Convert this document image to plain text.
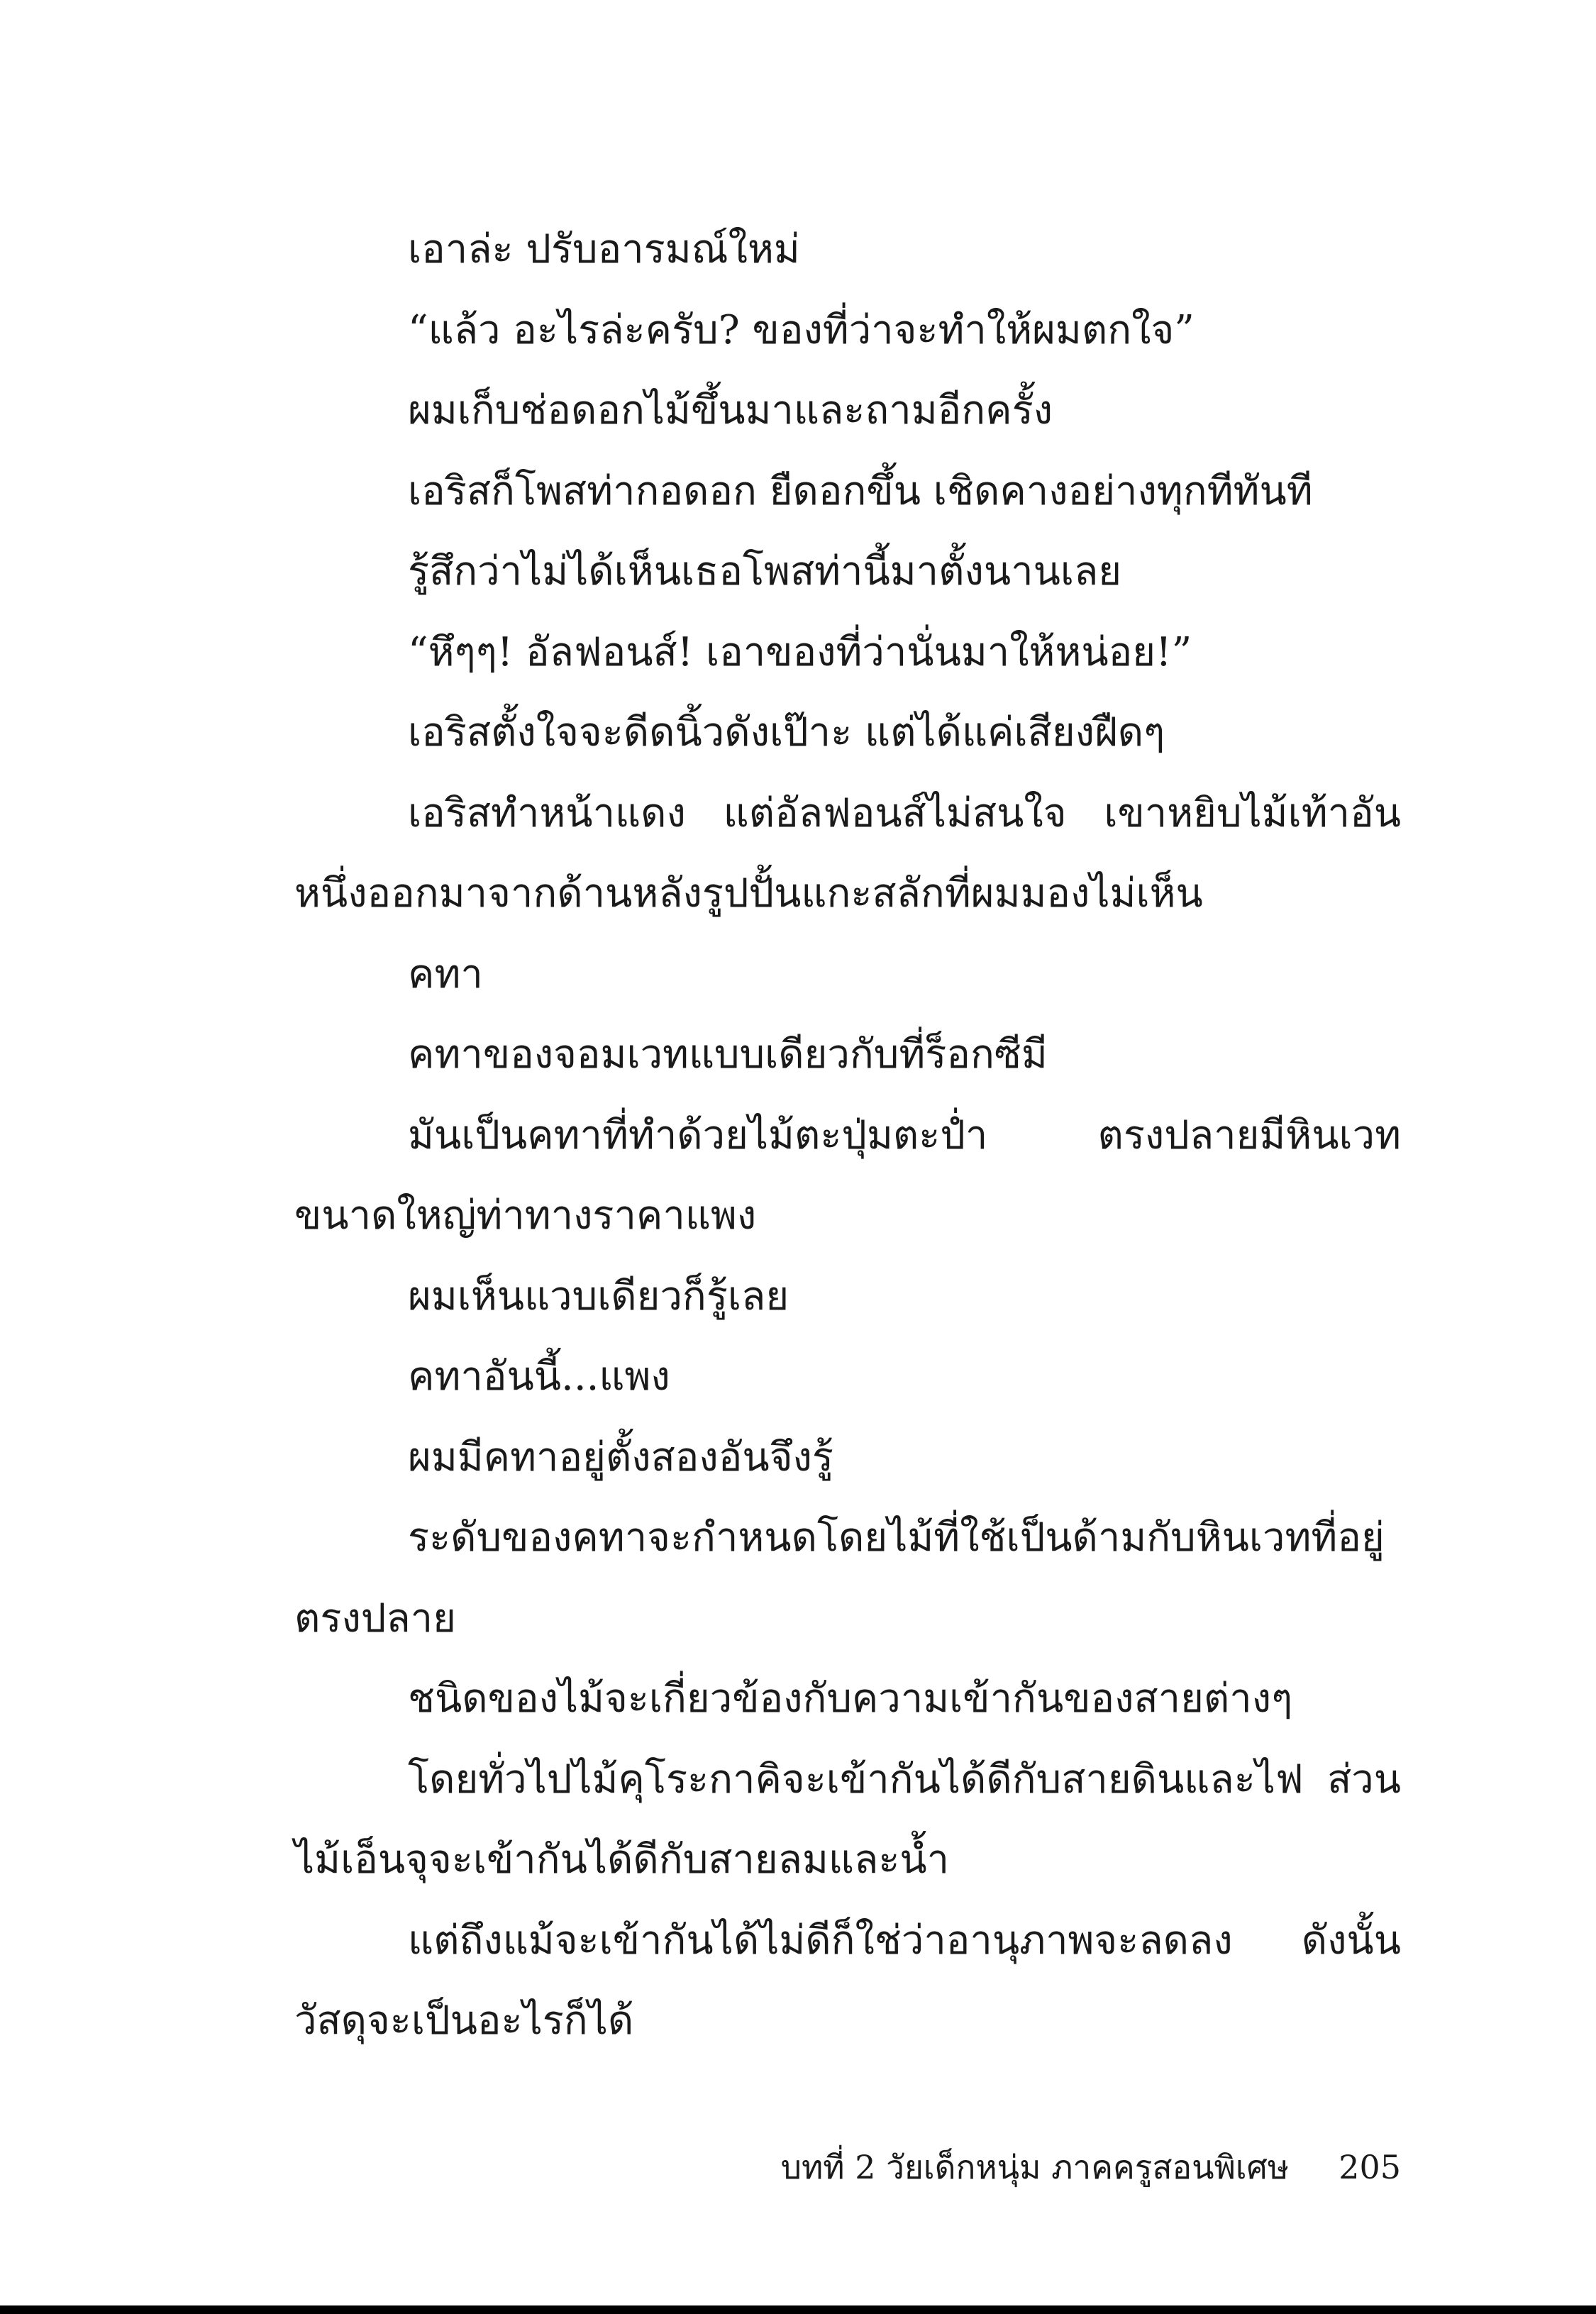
เอาล่ะ ปรับอารมณ์ใหม่

“แล้ว อะไรล่ะครับ? ของที่ว่าจะทำให้ผมตกใจ”

ผมเก็บช่อดอกไม้ขึ้นมาและถามอีกครั้ง

เอริสก็โพสท่ากอดอก ยืดอกขึ้น เชิดคางอย่างทุกทีทันที

รู้สึกว่าไม่ได้เห็นเธอโพสท่านี้มาตั้งนานเลย

“หึๆๆ! อัลฟอนส์! เอาของที่ว่านั่นมาให้หน่อย!”

เอริสตั้งใจจะดีดนิ้วดังเป๊าะ แต่ได้แค่เสียงฝืดๆ

เอริสทำหน้าแดง แต่อัลฟอนส์ไม่สนใจ เขาหยิบไม้เท้าอันหนึ่งออกมาจากด้านหลังรูปปั้นแกะสลักที่ผมมองไม่เห็น

คทา

คทาของจอมเวทแบบเดียวกับที่ร็อกซีมี

มันเป็นคทาที่ทำด้วยไม้ตะปุ่มตะป่ำ ตรงปลายมีหินเวทขนาดใหญ่ท่าทางราคาแพง

ผมเห็นแวบเดียวก็รู้เลย

คทาอันนี้...แพง

ผมมีคทาอยู่ตั้งสองอันจึงรู้

ระดับของคทาจะกำหนดโดยไม้ที่ใช้เป็นด้ามกับหินเวทที่อยู่ตรงปลาย

ชนิดของไม้จะเกี่ยวข้องกับความเข้ากันของสายต่างๆ

โดยทั่วไปไม้คุโระกาคิจะเข้ากันได้ดีกับสายดินและไฟ ส่วนไม้เอ็นจุจะเข้ากันได้ดีกับสายลมและน้ำ

แต่ถึงแม้จะเข้ากันได้ไม่ดีก็ใช่ว่าอานุภาพจะลดลง ดังนั้นวัสดุจะเป็นอะไรก็ได้

บทที่ 2 วัยเด็กหนุ่ม ภาคครูสอนพิเศษ 205
